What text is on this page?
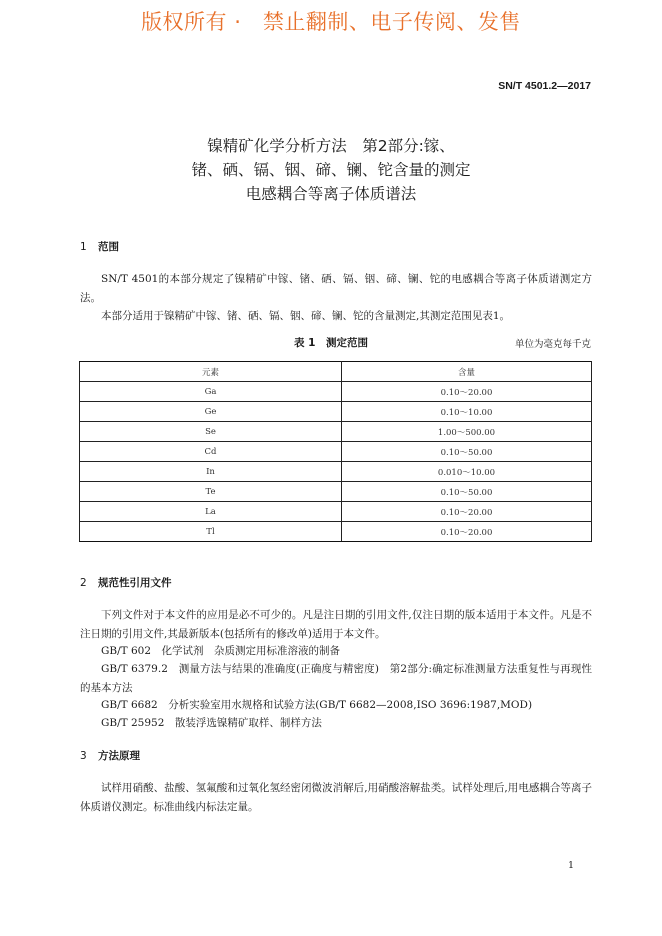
版权所有 ·　禁止翻制、电子传阅、发售
SN/T 4501.2—2017
镍精矿化学分析方法　第2部分:镓、
锗、硒、镉、铟、碲、镧、铊含量的测定
电感耦合等离子体质谱法
1 范围
SN/T 4501的本部分规定了镍精矿中镓、锗、硒、镉、铟、碲、镧、铊的电感耦合等离子体质谱测定方法。
本部分适用于镍精矿中镓、锗、硒、镉、铟、碲、镧、铊的含量测定,其测定范围见表1。
表 1　测定范围	单位为毫克每千克
元素	含量
Ga	0.10～20.00
Ge	0.10～10.00
Se	1.00～500.00
Cd	0.10～50.00
In	0.010～10.00
Te	0.10～50.00
La	0.10～20.00
Tl	0.10～20.00
2 规范性引用文件
下列文件对于本文件的应用是必不可少的。凡是注日期的引用文件,仅注日期的版本适用于本文件。凡是不注日期的引用文件,其最新版本(包括所有的修改单)适用于本文件。
GB/T 602　化学试剂　杂质测定用标准溶液的制备
GB/T 6379.2　测量方法与结果的准确度(正确度与精密度)　第2部分:确定标准测量方法重复性与再现性的基本方法
GB/T 6682　分析实验室用水规格和试验方法(GB/T 6682—2008,ISO 3696:1987,MOD)
GB/T 25952　散装浮选镍精矿取样、制样方法
3 方法原理
试样用硝酸、盐酸、氢氟酸和过氧化氢经密闭微波消解后,用硝酸溶解盐类。试样处理后,用电感耦合等离子体质谱仪测定。标准曲线内标法定量。
1
